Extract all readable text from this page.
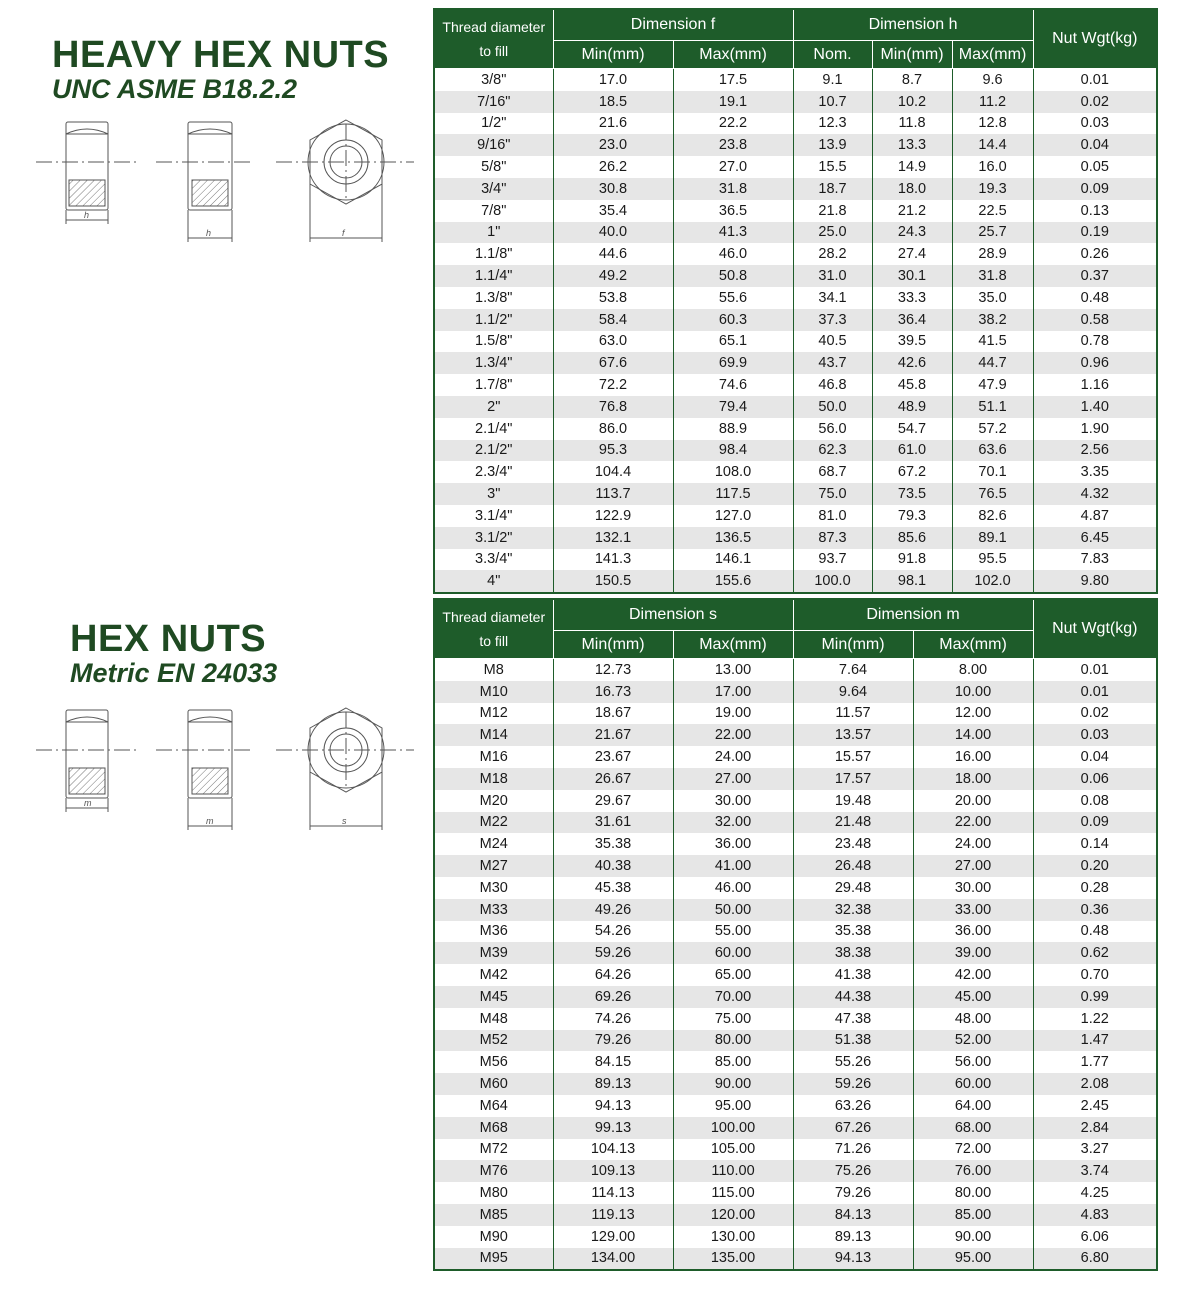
HEAVY HEX NUTS
UNC ASME B18.2.2
h
h	f
Thread diameter
to fill	Dimension f		Dimension h			Nut Wgt(kg)
	Min(mm)	Max(mm)	Nom.	Min(mm)	Max(mm)	
3/8"	17.0	17.5	9.1	8.7	9.6	0.01
7/16"	18.5	19.1	10.7	10.2	11.2	0.02
1/2"	21.6	22.2	12.3	11.8	12.8	0.03
9/16"	23.0	23.8	13.9	13.3	14.4	0.04
5/8"	26.2	27.0	15.5	14.9	16.0	0.05
3/4"	30.8	31.8	18.7	18.0	19.3	0.09
7/8"	35.4	36.5	21.8	21.2	22.5	0.13
1"	40.0	41.3	25.0	24.3	25.7	0.19
1.1/8"	44.6	46.0	28.2	27.4	28.9	0.26
1.1/4"	49.2	50.8	31.0	30.1	31.8	0.37
1.3/8"	53.8	55.6	34.1	33.3	35.0	0.48
1.1/2"	58.4	60.3	37.3	36.4	38.2	0.58
1.5/8"	63.0	65.1	40.5	39.5	41.5	0.78
1.3/4"	67.6	69.9	43.7	42.6	44.7	0.96
1.7/8"	72.2	74.6	46.8	45.8	47.9	1.16
2"	76.8	79.4	50.0	48.9	51.1	1.40
2.1/4"	86.0	88.9	56.0	54.7	57.2	1.90
2.1/2"	95.3	98.4	62.3	61.0	63.6	2.56
2.3/4"	104.4	108.0	68.7	67.2	70.1	3.35
3"	113.7	117.5	75.0	73.5	76.5	4.32
3.1/4"	122.9	127.0	81.0	79.3	82.6	4.87
3.1/2"	132.1	136.5	87.3	85.6	89.1	6.45
3.3/4"	141.3	146.1	93.7	91.8	95.5	7.83
4"	150.5	155.6	100.0	98.1	102.0	9.80
HEX NUTS
Metric EN 24033
m
m	s
Thread diameter
to fill	Dimension s		Dimension m		Nut Wgt(kg)
	Min(mm)	Max(mm)	Min(mm)	Max(mm)	
M8	12.73	13.00	7.64	8.00	0.01
M10	16.73	17.00	9.64	10.00	0.01
M12	18.67	19.00	11.57	12.00	0.02
M14	21.67	22.00	13.57	14.00	0.03
M16	23.67	24.00	15.57	16.00	0.04
M18	26.67	27.00	17.57	18.00	0.06
M20	29.67	30.00	19.48	20.00	0.08
M22	31.61	32.00	21.48	22.00	0.09
M24	35.38	36.00	23.48	24.00	0.14
M27	40.38	41.00	26.48	27.00	0.20
M30	45.38	46.00	29.48	30.00	0.28
M33	49.26	50.00	32.38	33.00	0.36
M36	54.26	55.00	35.38	36.00	0.48
M39	59.26	60.00	38.38	39.00	0.62
M42	64.26	65.00	41.38	42.00	0.70
M45	69.26	70.00	44.38	45.00	0.99
M48	74.26	75.00	47.38	48.00	1.22
M52	79.26	80.00	51.38	52.00	1.47
M56	84.15	85.00	55.26	56.00	1.77
M60	89.13	90.00	59.26	60.00	2.08
M64	94.13	95.00	63.26	64.00	2.45
M68	99.13	100.00	67.26	68.00	2.84
M72	104.13	105.00	71.26	72.00	3.27
M76	109.13	110.00	75.26	76.00	3.74
M80	114.13	115.00	79.26	80.00	4.25
M85	119.13	120.00	84.13	85.00	4.83
M90	129.00	130.00	89.13	90.00	6.06
M95	134.00	135.00	94.13	95.00	6.80
